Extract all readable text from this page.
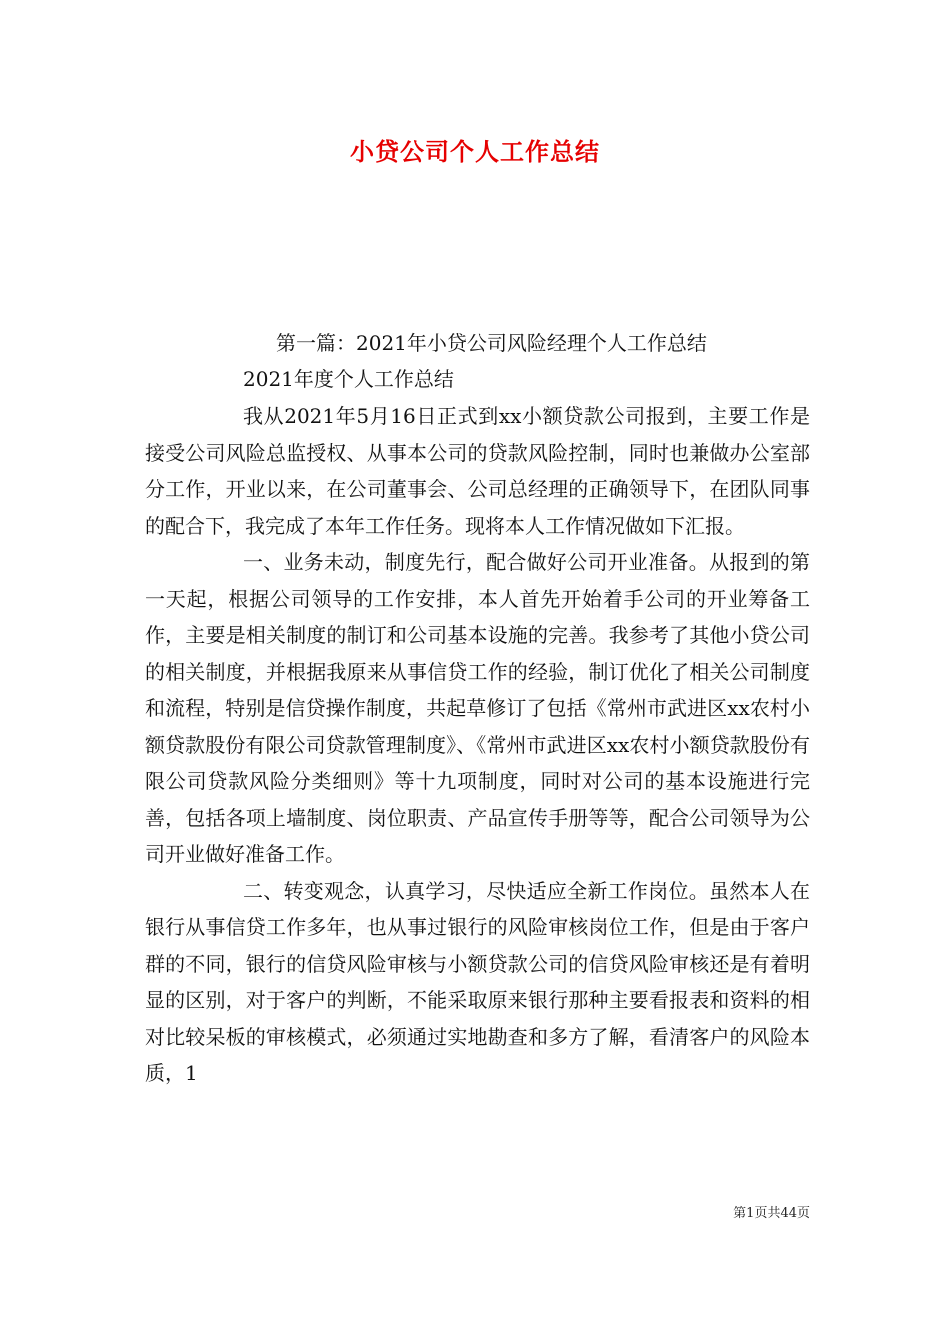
小贷公司个人工作总结
第一篇：2021年小贷公司风险经理个人工作总结
2021年度个人工作总结

我从2021年5月16日正式到xx小额贷款公司报到，主要工作是接受公司风险总监授权、从事本公司的贷款风险控制，同时也兼做办公室部分工作，开业以来，在公司董事会、公司总经理的正确领导下，在团队同事的配合下，我完成了本年工作任务。现将本人工作情况做如下汇报。

一、业务未动，制度先行，配合做好公司开业准备。从报到的第一天起，根据公司领导的工作安排，本人首先开始着手公司的开业筹备工作，主要是相关制度的制订和公司基本设施的完善。我参考了其他小贷公司的相关制度，并根据我原来从事信贷工作的经验，制订优化了相关公司制度和流程，特别是信贷操作制度，共起草修订了包括《常州市武进区xx农村小额贷款股份有限公司贷款管理制度》、《常州市武进区xx农村小额贷款股份有限公司贷款风险分类细则》等十九项制度，同时对公司的基本设施进行完善，包括各项上墙制度、岗位职责、产品宣传手册等等，配合公司领导为公司开业做好准备工作。

二、转变观念，认真学习，尽快适应全新工作岗位。虽然本人在银行从事信贷工作多年，也从事过银行的风险审核岗位工作，但是由于客户群的不同，银行的信贷风险审核与小额贷款公司的信贷风险审核还是有着明显的区别，对于客户的判断，不能采取原来银行那种主要看报表和资料的相对比较呆板的审核模式，必须通过实地勘查和多方了解，看清客户的风险本质，1

第1页共44页
